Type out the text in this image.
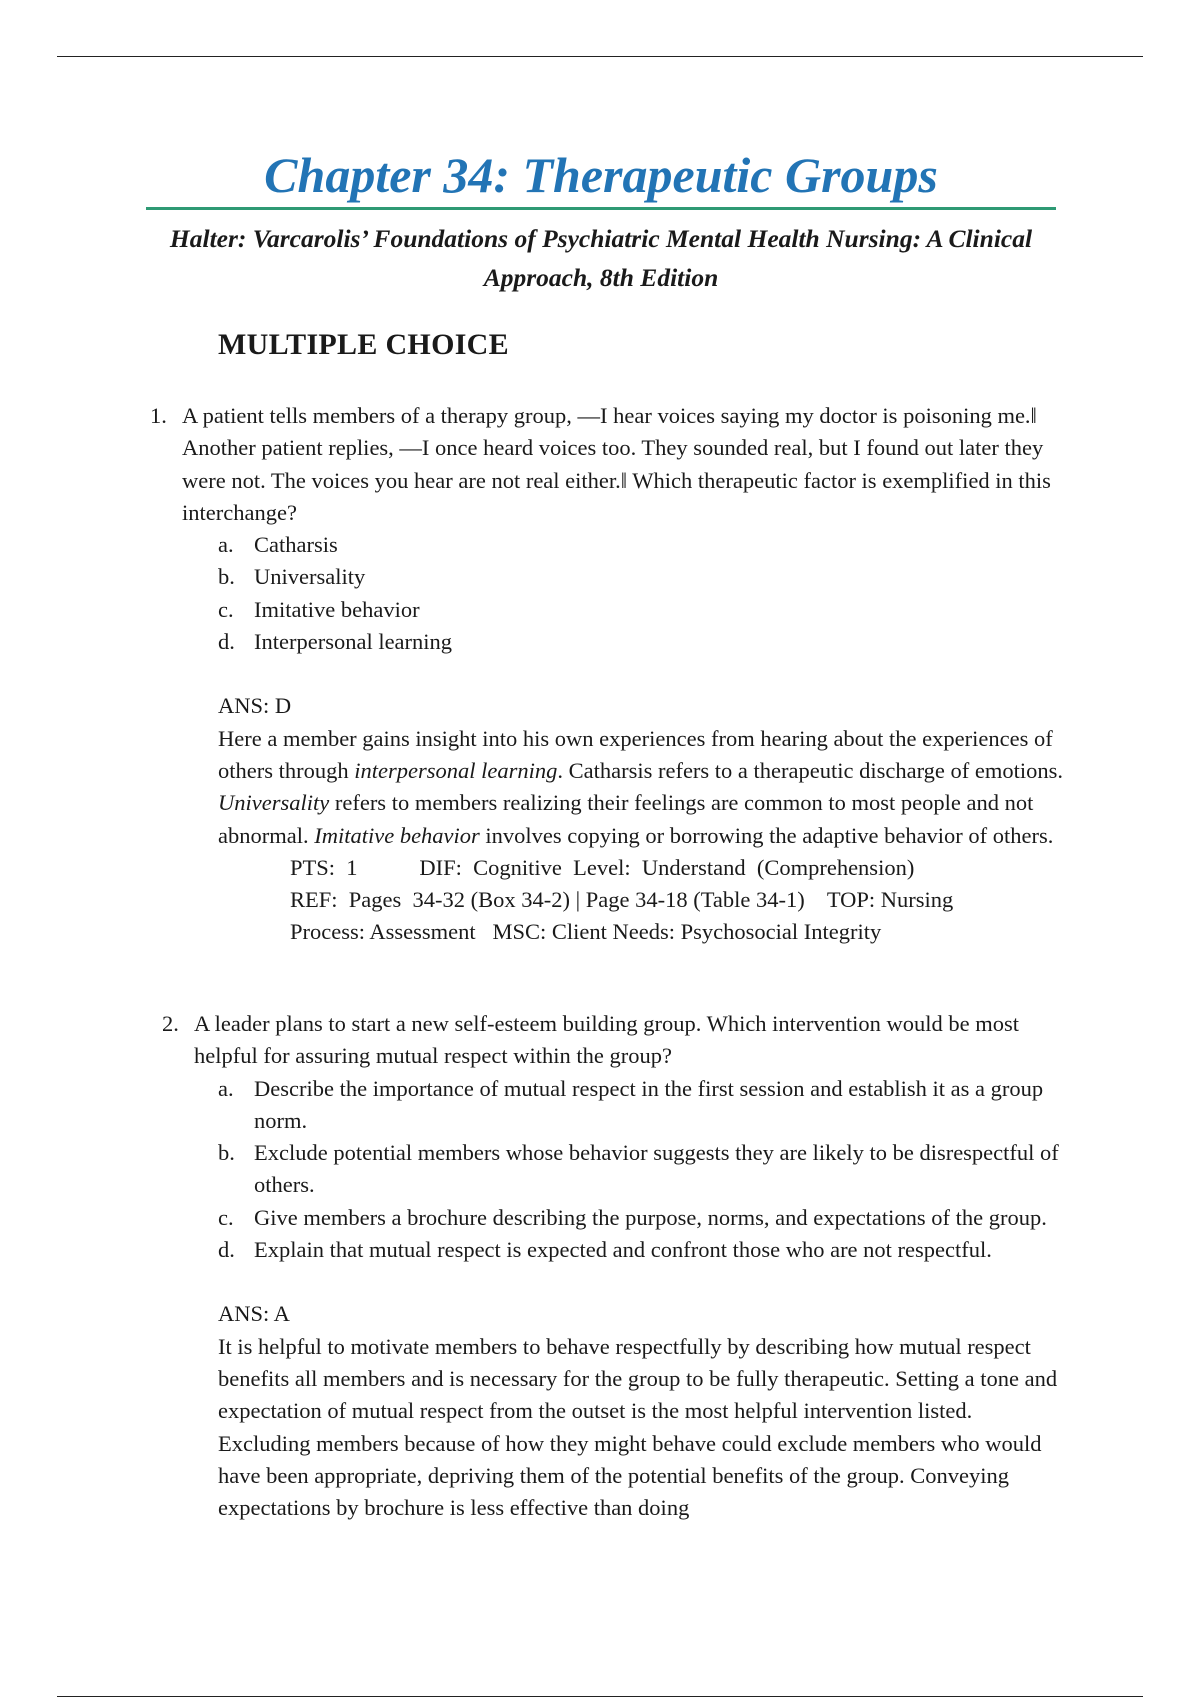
Chapter 34: Therapeutic Groups

Halter: Varcarolis’ Foundations of Psychiatric Mental Health Nursing: A Clinical Approach, 8th Edition

MULTIPLE CHOICE

1. A patient tells members of a therapy group, ―I hear voices saying my doctor is poisoning me.‖ Another patient replies, ―I once heard voices too. They sounded real, but I found out later they were not. The voices you hear are not real either.‖ Which therapeutic factor is exemplified in this interchange?

a. Catharsis
b. Universality
c. Imitative behavior
d. Interpersonal learning

ANS: D

Here a member gains insight into his own experiences from hearing about the experiences of others through interpersonal learning. Catharsis refers to a therapeutic discharge of emotions. Universality refers to members realizing their feelings are common to most people and not abnormal. Imitative behavior involves copying or borrowing the adaptive behavior of others.

PTS:  1           DIF:  Cognitive  Level:  Understand  (Comprehension)
REF:  Pages  34-32 (Box 34-2) | Page 34-18 (Table 34-1)    TOP: Nursing
Process: Assessment   MSC: Client Needs: Psychosocial Integrity

2. A leader plans to start a new self-esteem building group. Which intervention would be most helpful for assuring mutual respect within the group?

a. Describe the importance of mutual respect in the first session and establish it as a group norm.
b. Exclude potential members whose behavior suggests they are likely to be disrespectful of others.
c. Give members a brochure describing the purpose, norms, and expectations of the group.
d. Explain that mutual respect is expected and confront those who are not respectful.

ANS: A

It is helpful to motivate members to behave respectfully by describing how mutual respect benefits all members and is necessary for the group to be fully therapeutic. Setting a tone and expectation of mutual respect from the outset is the most helpful intervention listed. Excluding members because of how they might behave could exclude members who would have been appropriate, depriving them of the potential benefits of the group. Conveying expectations by brochure is less effective than doing
